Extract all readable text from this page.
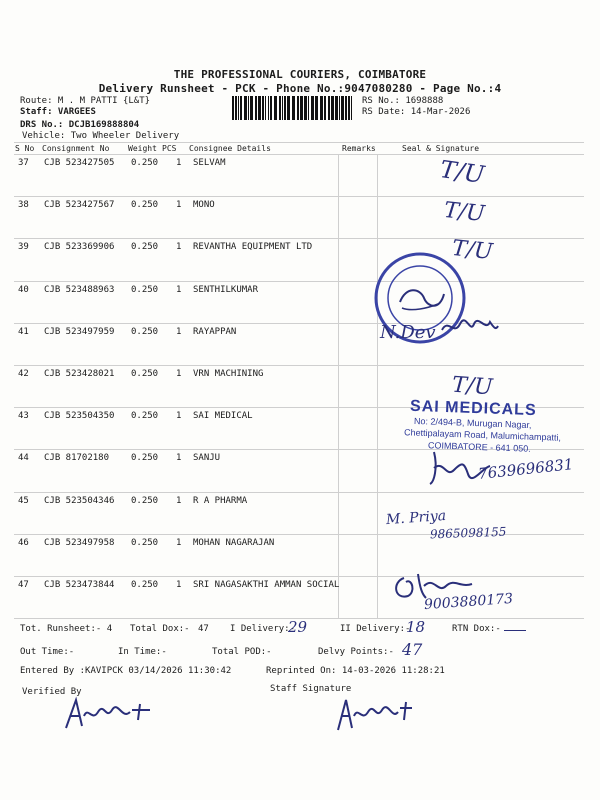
THE PROFESSIONAL COURIERS, COIMBATORE
Delivery Runsheet - PCK - Phone No.:9047080280 - Page No.:4
Route: M . M PATTI {L&T}
Staff: VARGEES
DRS No.: DCJB169888804
Vehicle: Two Wheeler Delivery
RS No.: 1698888
RS Date: 14-Mar-2026
S No Consignment No Weight PCS Consignee Details	Remarks	Seal & Signature
37 CJB 523427505 0.250 1 SELVAM
38 CJB 523427567 0.250 1 MONO
39 CJB 523369906 0.250 1 REVANTHA EQUIPMENT LTD
40 CJB 523488963 0.250 1 SENTHILKUMAR
41 CJB 523497959 0.250 1 RAYAPPAN
42 CJB 523428021 0.250 1 VRN MACHINING
43 CJB 523504350 0.250 1 SAI MEDICAL
44 CJB 81702180 0.250 1 SANJU
45 CJB 523504346 0.250 1 R A PHARMA
46 CJB 523497958 0.250 1 MOHAN NAGARAJAN
47 CJB 523473844 0.250 1 SRI NAGASAKTHI AMMAN SOCIAL
T/U
T/U
T/U
N.Dev
T/U
SAI MEDICALS
No: 2/494-B, Murugan Nagar,
Chettipalayam Road, Malumichampatti,
COIMBATORE - 641 050.
7639696831
M. Priya
9865098155
9003880173
Tot. Runsheet:- 4 Total Dox:- 47 I Delivery:-
29	II Delivery:-
18	RTN Dox:-
Out Time:-	In Time:-	Total POD:-	Delvy Points:- 47
Entered By :KAVIPCK 03/14/2026 11:30:42	Reprinted On: 14-03-2026 11:28:21
Verified By	Staff Signature
